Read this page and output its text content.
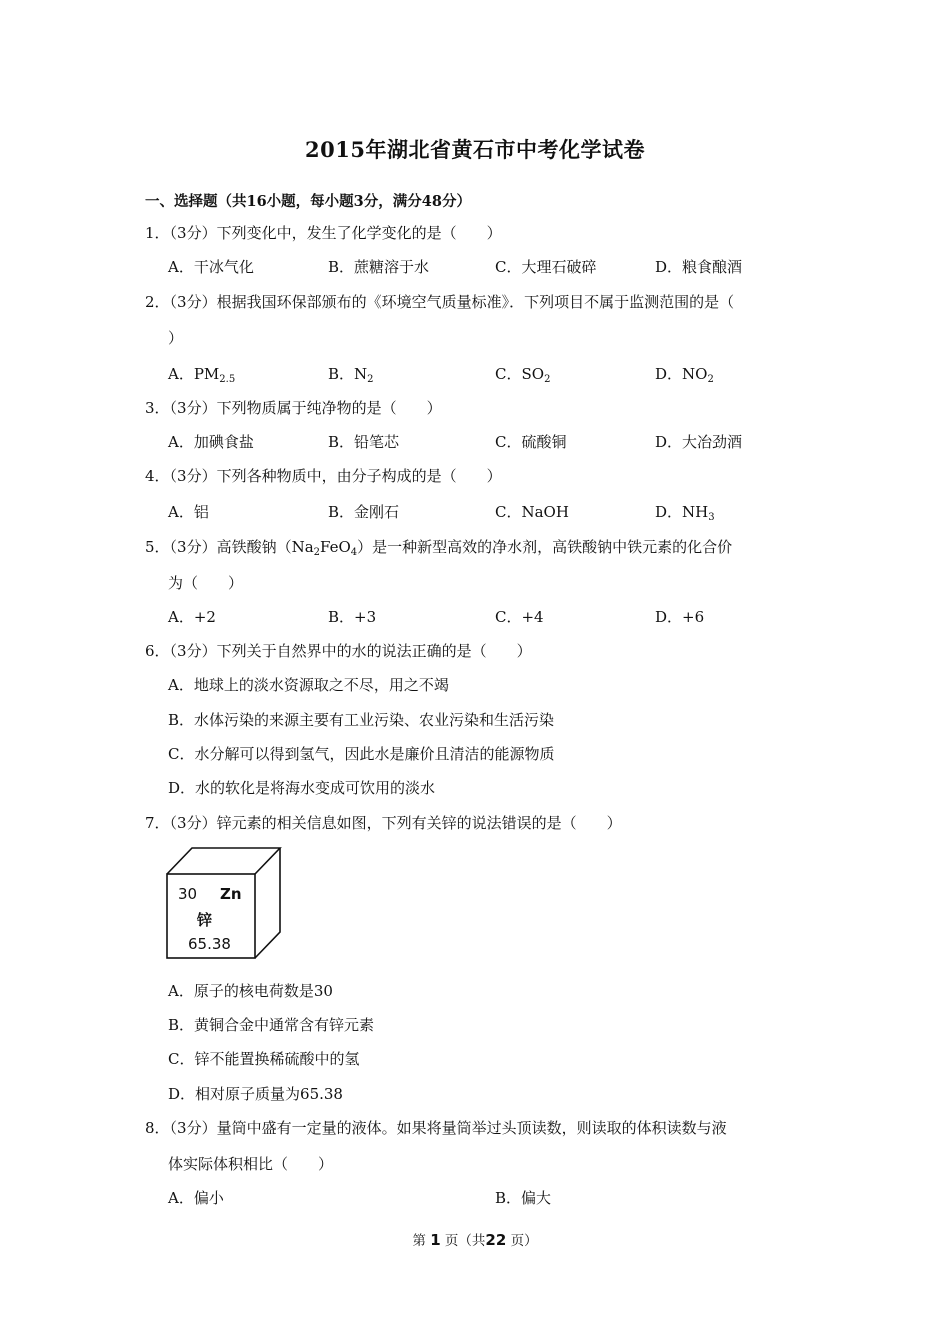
2015年湖北省黄石市中考化学试卷
一、选择题（共16小题，每小题3分，满分48分）
1．（3分）下列变化中，发生了化学变化的是（　　）
A．干冰气化	B．蔗糖溶于水	C．大理石破碎	D．粮食酿酒
2．（3分）根据我国环保部颁布的《环境空气质量标准》．下列项目不属于监测范围的是（
）
A．$PM_{2.5}$	B．$N_2$	C．$SO_2$	D．$NO_2$
3．（3分）下列物质属于纯净物的是（　　）
A．加碘食盐	B．铅笔芯	C．硫酸铜	D．大冶劲酒
4．（3分）下列各种物质中，由分子构成的是（　　）
A．铝	B．金刚石	C．NaOH	D．$NH_3$
5．（3分）高铁酸钠$(Na_2FeO_4)$是一种新型高效的净水剂，高铁酸钠中铁元素的化合价
为（　　）
A．+2	B．+3	C．+4	D．+6
6．（3分）下列关于自然界中的水的说法正确的是（　　）
A．地球上的淡水资源取之不尽，用之不竭
B．水体污染的来源主要有工业污染、农业污染和生活污染
C．水分解可以得到氢气，因此水是廉价且清洁的能源物质
D．水的软化是将海水变成可饮用的淡水
7．（3分）锌元素的相关信息如图，下列有关锌的说法错误的是（　　）
30 Zn
锌
65.38
A．原子的核电荷数是30
B．黄铜合金中通常含有锌元素
C．锌不能置换稀硫酸中的氢
D．相对原子质量为65.38
8．（3分）量筒中盛有一定量的液体。如果将量筒举过头顶读数，则读取的体积读数与液
体实际体积相比（　　）
A．偏小	B．偏大
第 1 页（共22 页）
